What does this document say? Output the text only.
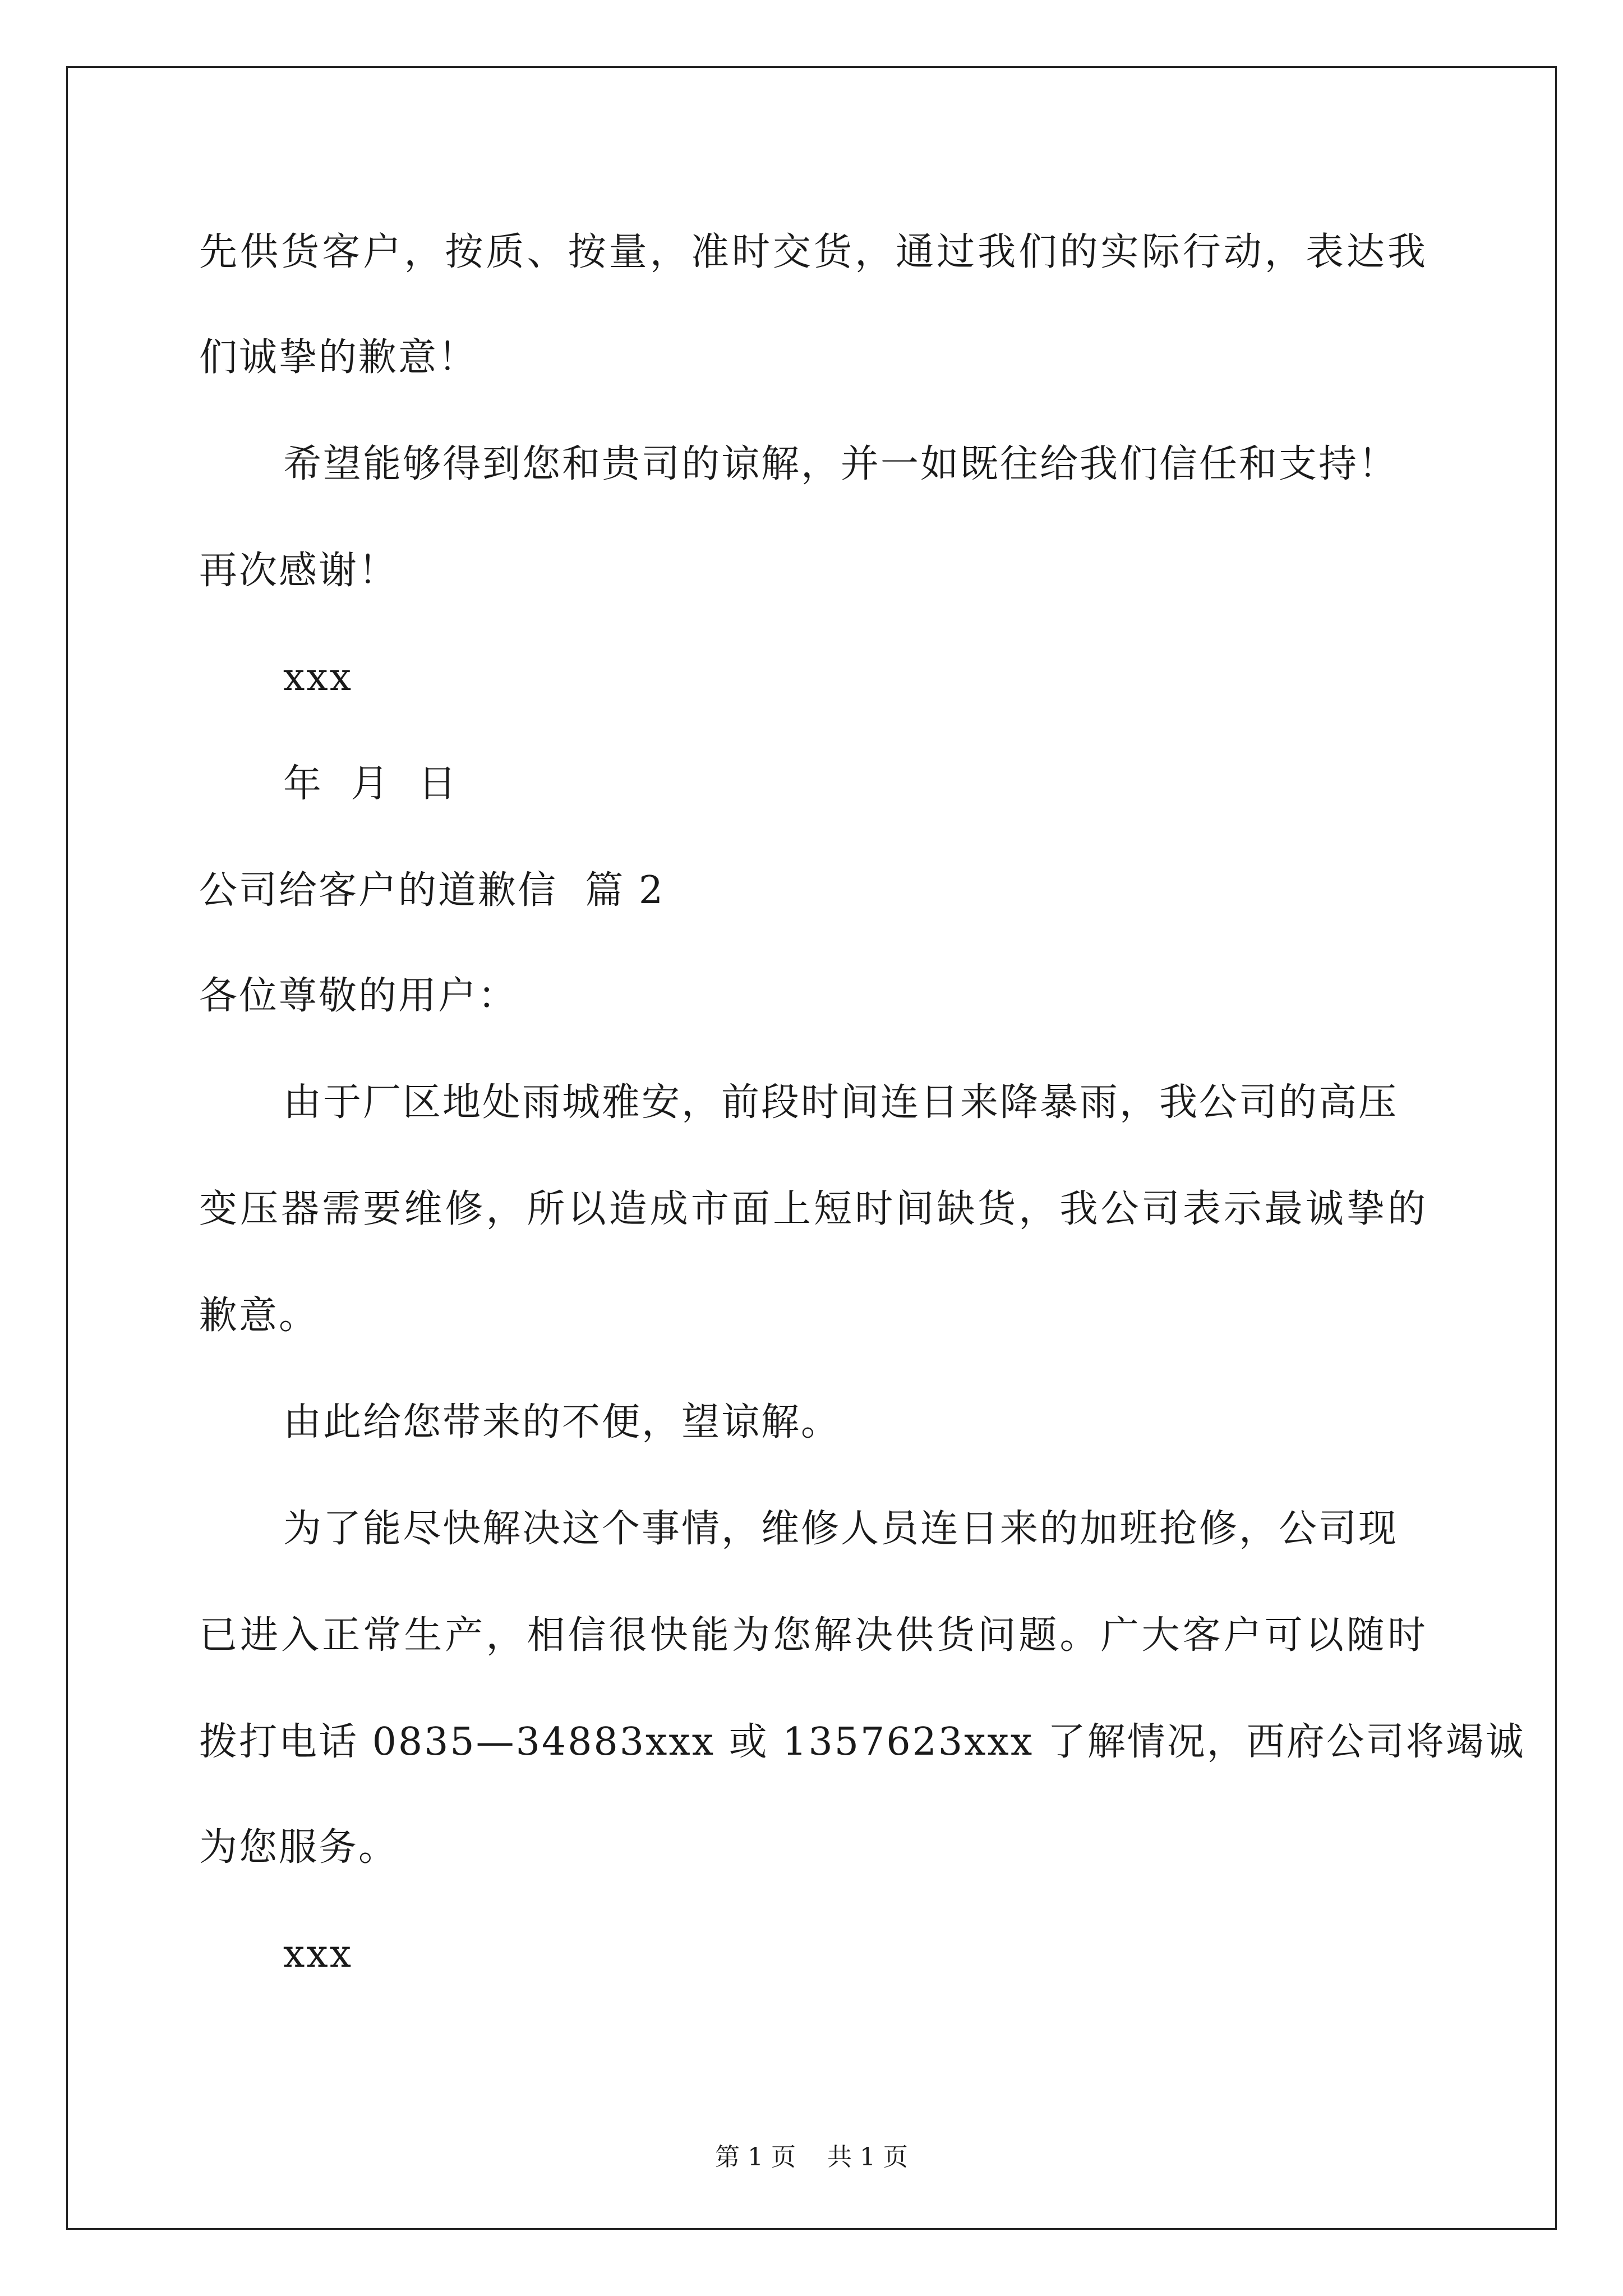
先供货客户，按质、按量，准时交货，通过我们的实际行动，表达我
们诚挚的歉意！
希望能够得到您和贵司的谅解，并一如既往给我们信任和支持！
再次感谢！
xxx
年  月  日
公司给客户的道歉信  篇 2
各位尊敬的用户：
由于厂区地处雨城雅安，前段时间连日来降暴雨，我公司的高压
变压器需要维修，所以造成市面上短时间缺货，我公司表示最诚挚的
歉意。
由此给您带来的不便，望谅解。
为了能尽快解决这个事情，维修人员连日来的加班抢修，公司现
已进入正常生产，相信很快能为您解决供货问题。广大客户可以随时
拨打电话 0835—34883xxx 或 1357623xxx 了解情况，西府公司将竭诚
为您服务。
xxx
第 1 页    共 1 页
